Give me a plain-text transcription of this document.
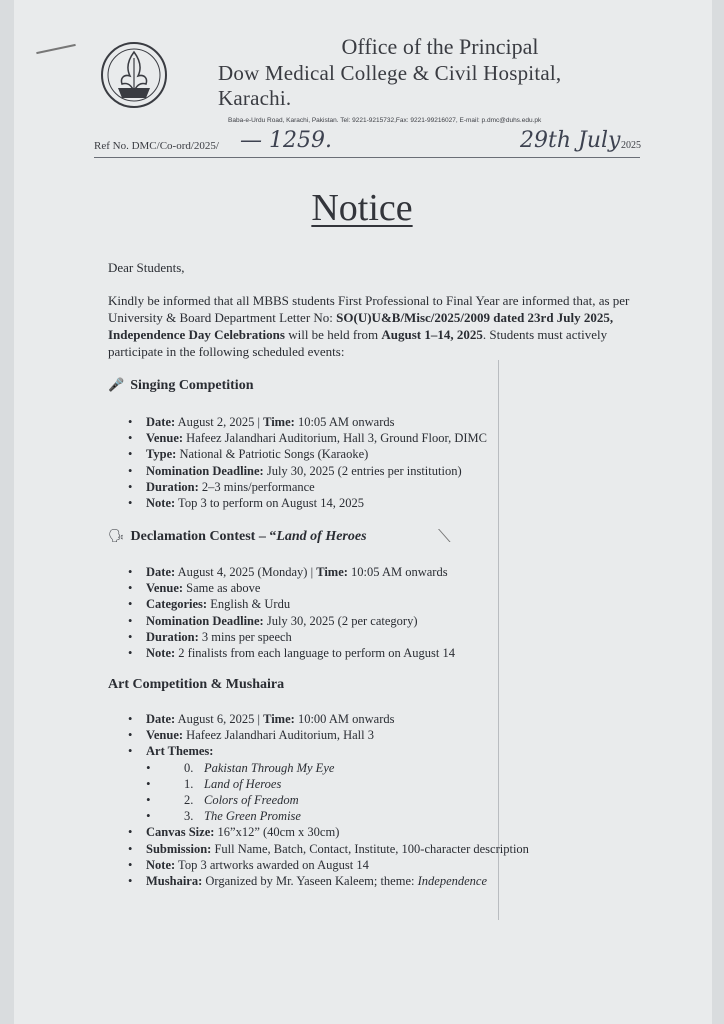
Office of the Principal
Dow Medical College & Civil Hospital, Karachi.
Baba-e-Urdu Road, Karachi, Pakistan. Tel: 9221-9215732,Fax: 9221-99216027, E-mail: p.dmc@duhs.edu.pk
Ref No. DMC/Co-ord/2025/ — 1259.	29th July 2025
Notice
Dear Students,
Kindly be informed that all MBBS students First Professional to Final Year are informed that, as per University & Board Department Letter No: SO(U)U&B/Misc/2025/2009 dated 23rd July 2025, Independence Day Celebrations will be held from August 1–14, 2025. Students must actively participate in the following scheduled events:
🎤 Singing Competition
• Date: August 2, 2025 | Time: 10:05 AM onwards
• Venue: Hafeez Jalandhari Auditorium, Hall 3, Ground Floor, DIMC
• Type: National & Patriotic Songs (Karaoke)
• Nomination Deadline: July 30, 2025 (2 entries per institution)
• Duration: 2–3 mins/performance
• Note: Top 3 to perform on August 14, 2025
🗣 Declamation Contest – “Land of Heroes	⟍
• Date: August 4, 2025 (Monday) | Time: 10:05 AM onwards
• Venue: Same as above
• Categories: English & Urdu
• Nomination Deadline: July 30, 2025 (2 per category)
• Duration: 3 mins per speech
• Note: 2 finalists from each language to perform on August 14
Art Competition & Mushaira
• Date: August 6, 2025 | Time: 10:00 AM onwards
• Venue: Hafeez Jalandhari Auditorium, Hall 3
• Art Themes:
• 0. Pakistan Through My Eye
• 1. Land of Heroes
• 2. Colors of Freedom
• 3. The Green Promise
• Canvas Size: 16”x12” (40cm x 30cm)
• Submission: Full Name, Batch, Contact, Institute, 100-character description
• Note: Top 3 artworks awarded on August 14
• Mushaira: Organized by Mr. Yaseen Kaleem; theme: Independence
